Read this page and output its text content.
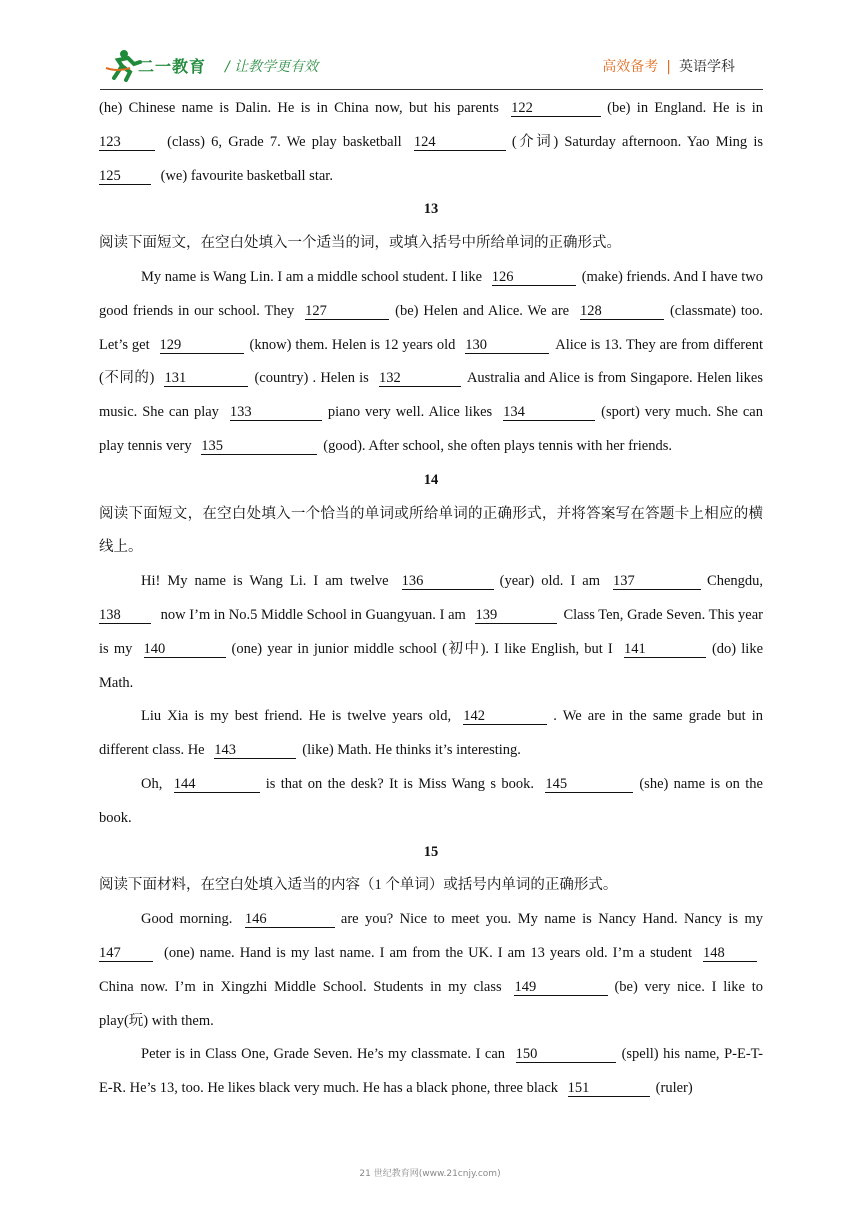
二一教育 / 让教学更有效	高效备考 | 英语学科

(he) Chinese name is Dalin. He is in China now, but his parents 122	(be) in England. He is in 123	(class) 6, Grade 7. We play basketball 124	(介词) Saturday afternoon. Yao Ming is 125	(we) favourite basketball star.

13

阅读下面短文，在空白处填入一个适当的词，或填入括号中所给单词的正确形式。

My name is Wang Lin. I am a middle school student. I like 126	(make) friends. And I have two good friends in our school. They 127	(be) Helen and Alice. We are 128	(classmate) too. Let’s get 129	(know) them. Helen is 12 years old 130	Alice is 13. They are from different (不同的) 131	(country) . Helen is 132	Australia and Alice is from Singapore. Helen likes music. She can play 133	piano very well. Alice likes 134	(sport) very much. She can play tennis very 135	(good). After school, she often plays tennis with her friends.

14

阅读下面短文，在空白处填入一个恰当的单词或所给单词的正确形式，并将答案写在答题卡上相应的横线上。

Hi! My name is Wang Li. I am twelve 136	(year) old. I am 137	Chengdu, 138	now I’m in No.5 Middle School in Guangyuan. I am 139	Class Ten, Grade Seven. This year is my 140	(one) year in junior middle school (初中). I like English, but I 141	(do) like Math.

Liu Xia is my best friend. He is twelve years old, 142	. We are in the same grade but in different class. He 143	(like) Math. He thinks it’s interesting.

Oh, 144	is that on the desk? It is Miss Wang s book. 145	(she) name is on the book.

15

阅读下面材料，在空白处填入适当的内容（1 个单词）或括号内单词的正确形式。

Good morning. 146	are you? Nice to meet you. My name is Nancy Hand. Nancy is my 147	(one) name. Hand is my last name. I am from the UK. I am 13 years old. I’m a student 148China now. I’m in Xingzhi Middle School. Students in my class 149	(be) very nice. I like to play(玩) with them.

Peter is in Class One, Grade Seven. He’s my classmate. I can 150	(spell) his name, P-E-T-E-R. He’s 13, too. He likes black very much. He has a black phone, three black 151	(ruler)

21 世纪教育网(www.21cnjy.com)
